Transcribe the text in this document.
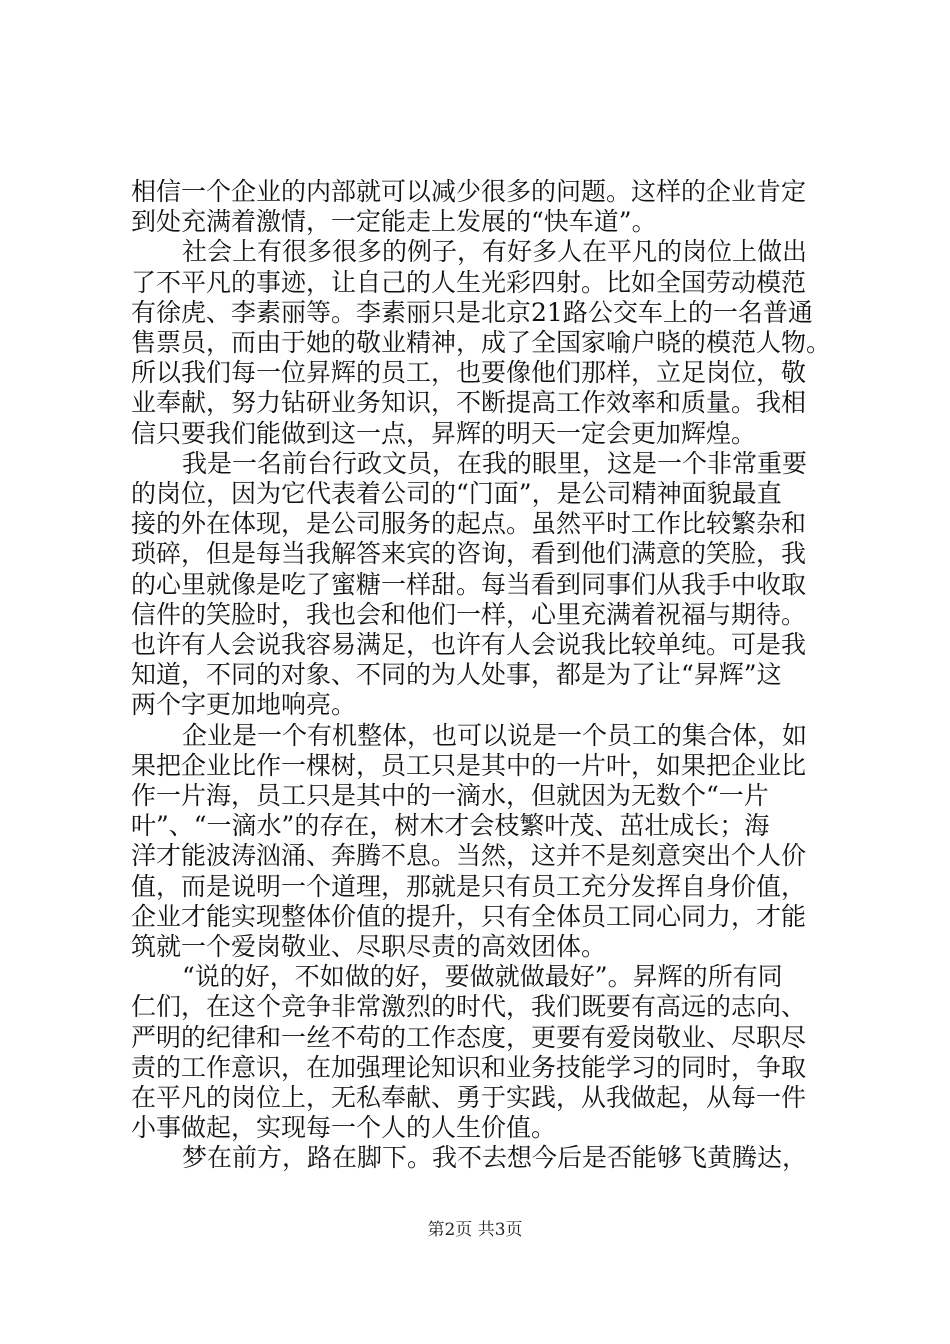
相信一个企业的内部就可以减少很多的问题。这样的企业肯定
到处充满着激情，一定能走上发展的“快车道”。
社会上有很多很多的例子，有好多人在平凡的岗位上做出
了不平凡的事迹，让自己的人生光彩四射。比如全国劳动模范
有徐虎、李素丽等。李素丽只是北京21路公交车上的一名普通
售票员，而由于她的敬业精神，成了全国家喻户晓的模范人物。
所以我们每一位昇辉的员工，也要像他们那样，立足岗位，敬
业奉献，努力钻研业务知识，不断提高工作效率和质量。我相
信只要我们能做到这一点，昇辉的明天一定会更加辉煌。
我是一名前台行政文员，在我的眼里，这是一个非常重要
的岗位，因为它代表着公司的“门面”，是公司精神面貌最直
接的外在体现，是公司服务的起点。虽然平时工作比较繁杂和
琐碎，但是每当我解答来宾的咨询，看到他们满意的笑脸，我
的心里就像是吃了蜜糖一样甜。每当看到同事们从我手中收取
信件的笑脸时，我也会和他们一样，心里充满着祝福与期待。
也许有人会说我容易满足，也许有人会说我比较单纯。可是我
知道，不同的对象、不同的为人处事，都是为了让“昇辉”这
两个字更加地响亮。
企业是一个有机整体，也可以说是一个员工的集合体，如
果把企业比作一棵树，员工只是其中的一片叶，如果把企业比
作一片海，员工只是其中的一滴水，但就因为无数个“一片
叶”、“一滴水”的存在，树木才会枝繁叶茂、茁壮成长；海
洋才能波涛汹涌、奔腾不息。当然，这并不是刻意突出个人价
值，而是说明一个道理，那就是只有员工充分发挥自身价值，
企业才能实现整体价值的提升，只有全体员工同心同力，才能
筑就一个爱岗敬业、尽职尽责的高效团体。
“说的好，不如做的好，要做就做最好”。昇辉的所有同
仁们，在这个竞争非常激烈的时代，我们既要有高远的志向、
严明的纪律和一丝不苟的工作态度，更要有爱岗敬业、尽职尽
责的工作意识，在加强理论知识和业务技能学习的同时，争取
在平凡的岗位上，无私奉献、勇于实践，从我做起，从每一件
小事做起，实现每一个人的人生价值。
梦在前方，路在脚下。我不去想今后是否能够飞黄腾达，
第2页 共3页
